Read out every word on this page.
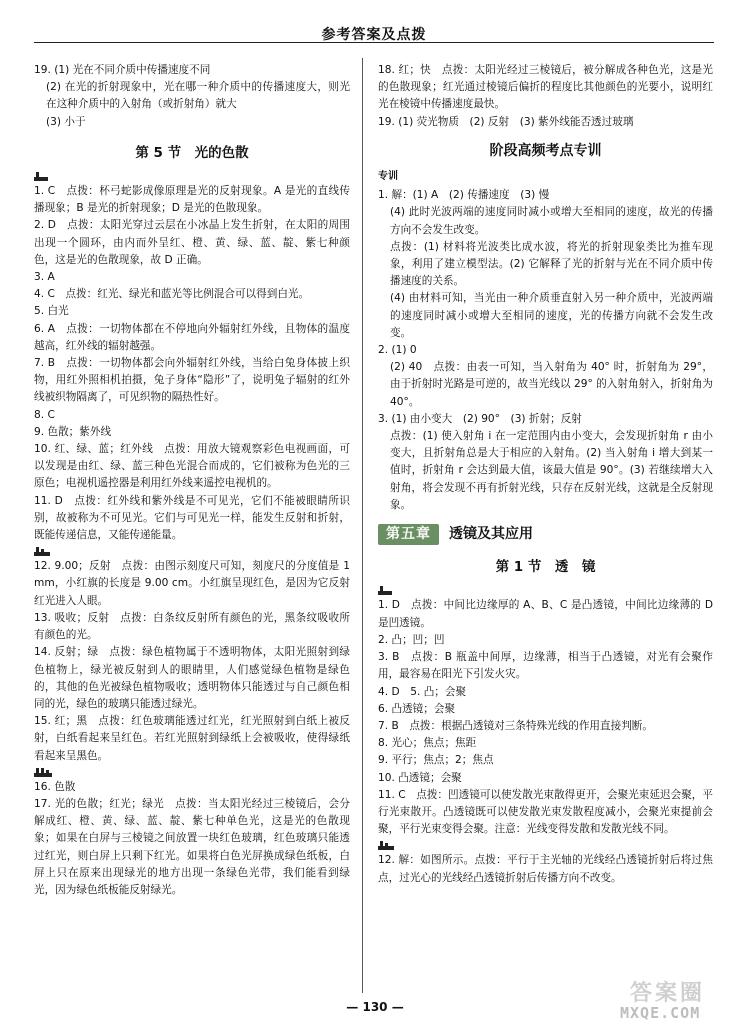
参考答案及点拨

19. (1) 光在不同介质中传播速度不同

(2) 在光的折射现象中，光在哪一种介质中的传播速度大，则光在这种介质中的入射角（或折射角）就大

(3) 小于

第 5 节　光的色散

1. C　点拨：杯弓蛇影成像原理是光的反射现象。A 是光的直线传播现象；B 是光的折射现象；D 是光的色散现象。

2. D　点拨：太阳光穿过云层在小冰晶上发生折射，在太阳的周围出现一个圆环，由内而外呈红、橙、黄、绿、蓝、靛、紫七种颜色，这是光的色散现象，故 D 正确。

3. A

4. C　点拨：红光、绿光和蓝光等比例混合可以得到白光。

5. 白光

6. A　点拨：一切物体都在不停地向外辐射红外线，且物体的温度越高，红外线的辐射越强。

7. B　点拨：一切物体都会向外辐射红外线，当给白兔身体披上织物，用红外照相机拍摄，兔子身体“隐形”了，说明兔子辐射的红外线被织物隔离了，可见织物的隔热性好。

8. C

9. 色散；紫外线

10. 红、绿、蓝；红外线　点拨：用放大镜观察彩色电视画面，可以发现是由红、绿、蓝三种色光混合而成的，它们被称为色光的三原色；电视机遥控器是利用红外线来遥控电视机的。

11. D　点拨：红外线和紫外线是不可见光，它们不能被眼睛所识别，故被称为不可见光。它们与可见光一样，能发生反射和折射，既能传递信息，又能传递能量。

12. 9.00；反射　点拨：由图示刻度尺可知，刻度尺的分度值是 1 mm，小红旗的长度是 9.00 cm。小红旗呈现红色，是因为它反射红光进入人眼。

13. 吸收；反射　点拨：白条纹反射所有颜色的光，黑条纹吸收所有颜色的光。

14. 反射；绿　点拨：绿色植物属于不透明物体，太阳光照射到绿色植物上，绿光被反射到人的眼睛里，人们感觉绿色植物是绿色的，其他的色光被绿色植物吸收；透明物体只能透过与自己颜色相同的光，绿色的玻璃只能透过绿光。

15. 红；黑　点拨：红色玻璃能透过红光，红光照射到白纸上被反射，白纸看起来呈红色。若红光照射到绿纸上会被吸收，使得绿纸看起来呈黑色。

16. 色散

17. 光的色散；红光；绿光　点拨：当太阳光经过三棱镜后，会分解成红、橙、黄、绿、蓝、靛、紫七种单色光，这是光的色散现象；如果在白屏与三棱镜之间放置一块红色玻璃，红色玻璃只能透过红光，则白屏上只剩下红光。如果将白色光屏换成绿色纸板，白屏上只在原来出现绿光的地方出现一条绿色光带，我们能看到绿光，因为绿色纸板能反射绿光。

18. 红；快　点拨：太阳光经过三棱镜后，被分解成各种色光，这是光的色散现象；红光通过棱镜后偏折的程度比其他颜色的光要小，说明红光在棱镜中传播速度最快。

19. (1) 荧光物质　(2) 反射　(3) 紫外线能否透过玻璃

阶段高频考点专训
专训

1. 解：(1) A　(2) 传播速度　(3) 慢

(4) 此时光波两端的速度同时减小或增大至相同的速度，故光的传播方向不会发生改变。

点拨：(1) 材料将光波类比成水波，将光的折射现象类比为推车现象，利用了建立模型法。(2) 它解释了光的折射与光在不同介质中传播速度的关系。

(4) 由材料可知，当光由一种介质垂直射入另一种介质中，光波两端的速度同时减小或增大至相同的速度，光的传播方向就不会发生改变。

2. (1) 0

(2) 40　点拨：由表一可知，当入射角为 40° 时，折射角为 29°，由于折射时光路是可逆的，故当光线以 29° 的入射角射入，折射角为 40°。

3. (1) 由小变大　(2) 90°　(3) 折射；反射

点拨：(1) 使入射角 i 在一定范围内由小变大，会发现折射角 r 由小变大，且折射角总是大于相应的入射角。(2) 当入射角 i 增大到某一值时，折射角 r 会达到最大值，该最大值是 90°。(3) 若继续增大入射角，将会发现不再有折射光线，只存在反射光线，这就是全反射现象。

第五章	透镜及其应用
第 1 节　透　镜

1. D　点拨：中间比边缘厚的 A、B、C 是凸透镜，中间比边缘薄的 D 是凹透镜。

2. 凸；凹；凹

3. B　点拨：B 瓶盖中间厚，边缘薄，相当于凸透镜，对光有会聚作用，最容易在阳光下引发火灾。

4. D　5. 凸；会聚

6. 凸透镜；会聚

7. B　点拨：根据凸透镜对三条特殊光线的作用直接判断。

8. 光心；焦点；焦距

9. 平行；焦点；2；焦点

10. 凸透镜；会聚

11. C　点拨：凹透镜可以使发散光束散得更开，会聚光束延迟会聚，平行光束散开。凸透镜既可以使发散光束发散程度减小，会聚光束提前会聚，平行光束变得会聚。注意：光线变得发散和发散光线不同。

12. 解：如图所示。点拨：平行于主光轴的光线经凸透镜折射后将过焦点，过光心的光线经凸透镜折射后传播方向不改变。

— 130 —
答案圈
MXQE.COM
